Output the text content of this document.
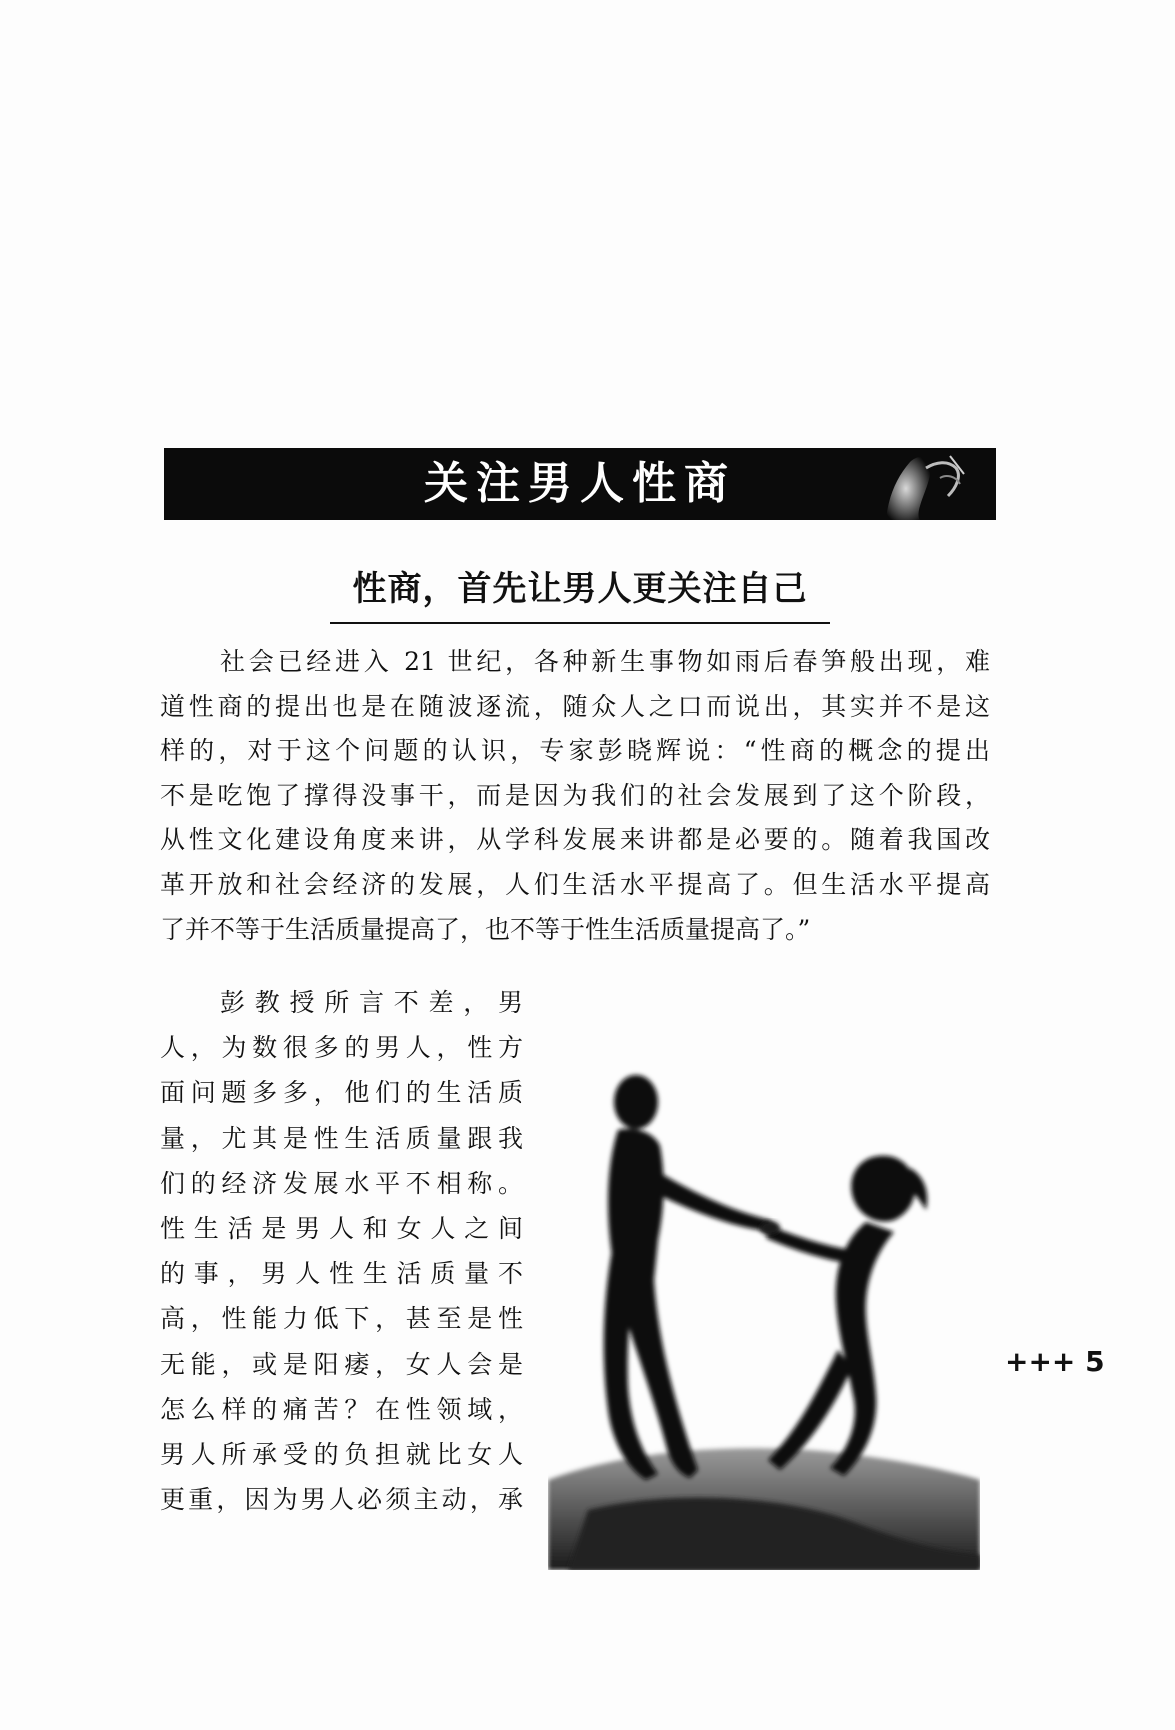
关注男人性商
性商，首先让男人更关注自己
社会已经进入 21 世纪，各种新生事物如雨后春笋般出现，难
道性商的提出也是在随波逐流，随众人之口而说出，其实并不是这
样的，对于这个问题的认识，专家彭晓辉说：“性商的概念的提出
不是吃饱了撑得没事干，而是因为我们的社会发展到了这个阶段，
从性文化建设角度来讲，从学科发展来讲都是必要的。随着我国改
革开放和社会经济的发展，人们生活水平提高了。但生活水平提高
了并不等于生活质量提高了，也不等于性生活质量提高了。”
彭教授所言不差，男
人，为数很多的男人，性方
面问题多多，他们的生活质
量，尤其是性生活质量跟我
们的经济发展水平不相称。
性生活是男人和女人之间
的事，男人性生活质量不
高，性能力低下，甚至是性
无能，或是阳痿，女人会是
怎么样的痛苦？在性领域，
男人所承受的负担就比女人
更重，因为男人必须主动，承
+++ 5
